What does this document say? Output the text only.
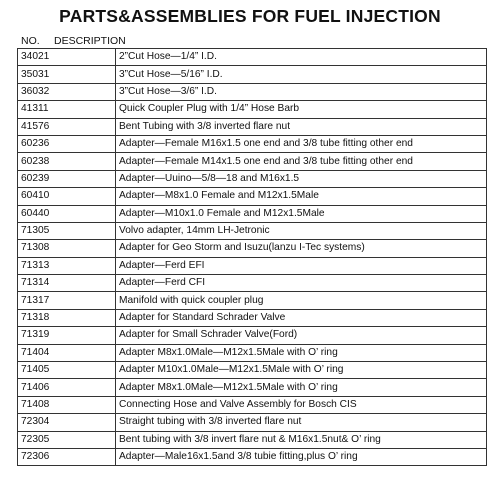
PARTS&ASSEMBLIES FOR FUEL INJECTION
NO. DESCRIPTION
34021	2”Cut Hose—1/4” I.D.
35031	3”Cut Hose—5/16” I.D.
36032	3”Cut Hose—3/6” I.D.
41311	Quick Coupler Plug with 1/4” Hose Barb
41576	Bent Tubing with 3/8 inverted flare nut
60236	Adapter—Female M16x1.5 one end and 3/8 tube fitting other end
60238	Adapter—Female M14x1.5 one end and 3/8 tube fitting other end
60239	Adapter—Uuino—5/8—18 and M16x1.5
60410	Adapter—M8x1.0 Female and M12x1.5Male
60440	Adapter—M10x1.0 Female and M12x1.5Male
71305	Volvo adapter, 14mm LH-Jetronic
71308	Adapter for Geo Storm and Isuzu(lanzu I-Tec systems)
71313	Adapter—Ferd EFI
71314	Adapter—Ferd CFI
71317	Manifold with quick coupler plug
71318	Adapter for Standard Schrader Valve
71319	Adapter for Small Schrader Valve(Ford)
71404	Adapter M8x1.0Male—M12x1.5Male with O’ ring
71405	Adapter M10x1.0Male—M12x1.5Male with O’ ring
71406	Adapter M8x1.0Male—M12x1.5Male with O’ ring
71408	Connecting Hose and Valve Assembly for Bosch CIS
72304	Straight tubing with 3/8 inverted flare nut
72305	Bent tubing with 3/8 invert flare nut & M16x1.5nut& O’ ring
72306	Adapter—Male16x1.5and 3/8 tubie fitting,plus O’ ring
